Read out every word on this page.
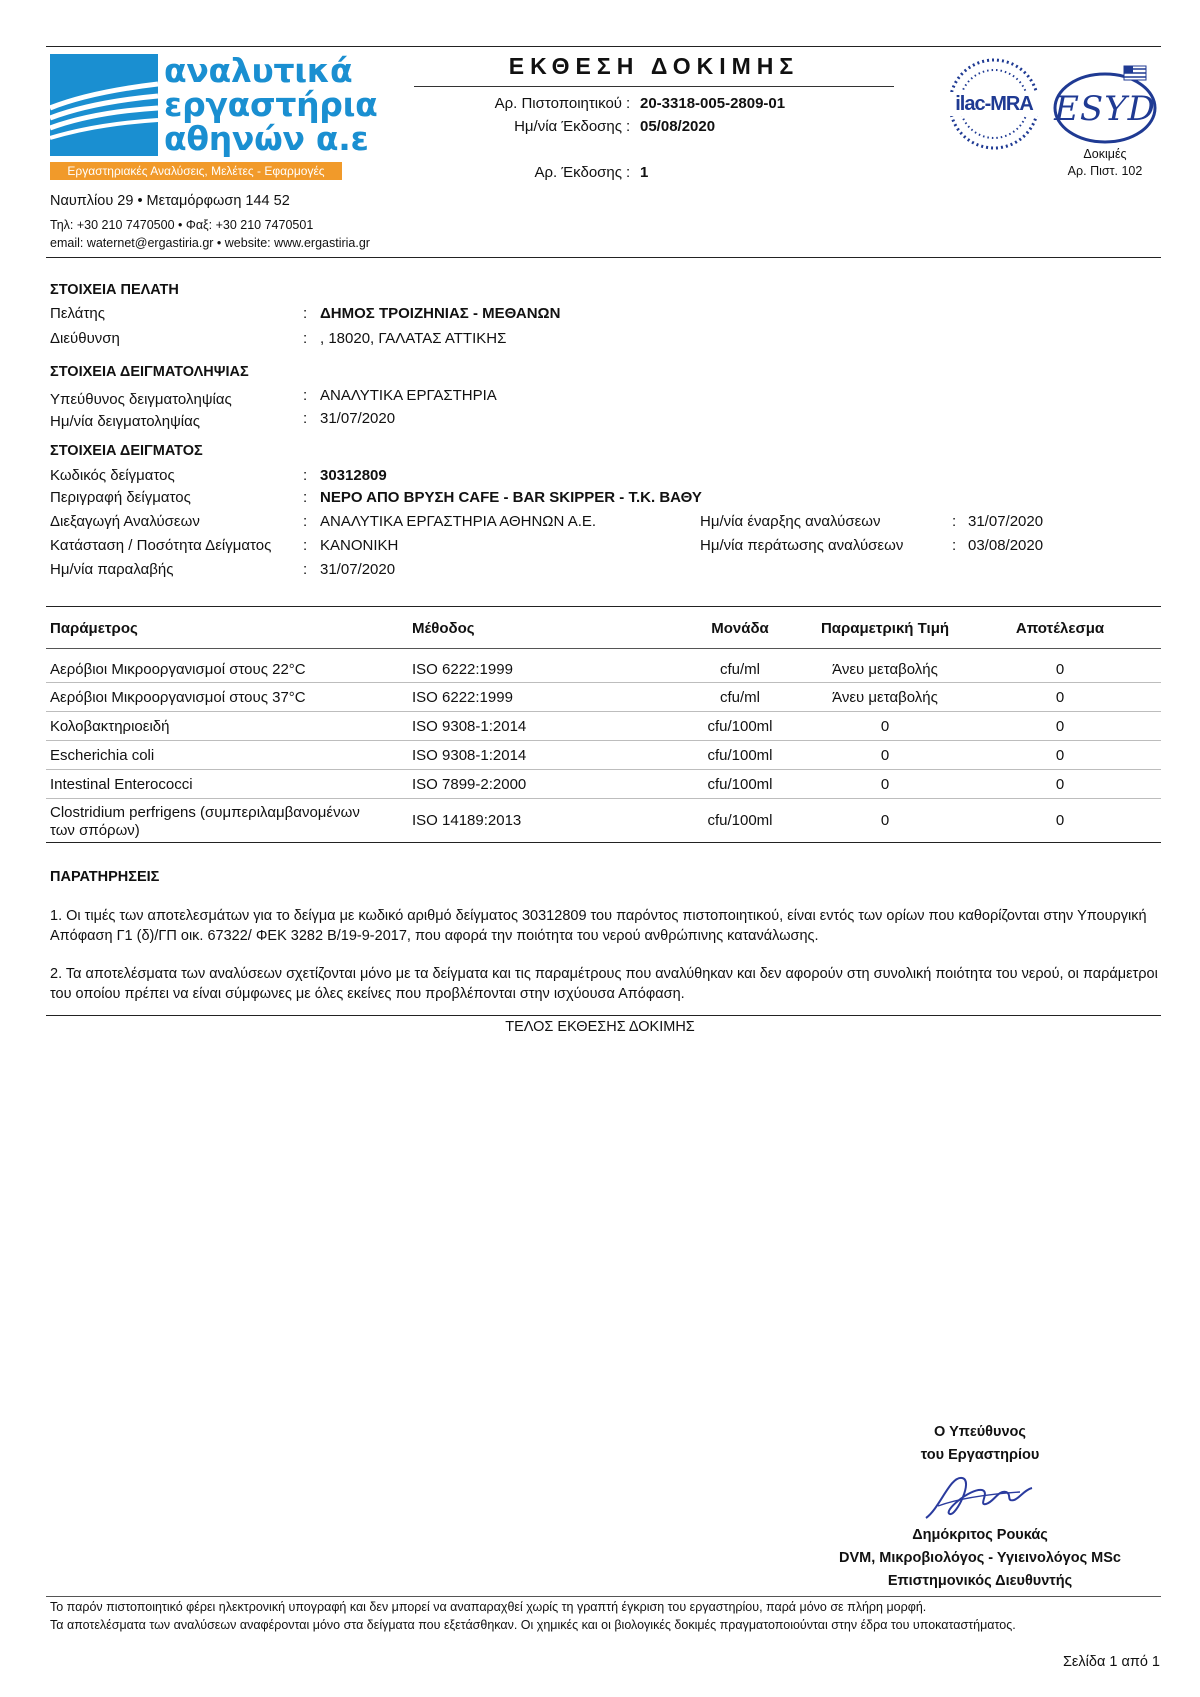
αναλυτικά
εργαστήρια
αθηνών α.ε
Εργαστηριακές Αναλύσεις, Μελέτες - Εφαρμογές
Ναυπλίου 29 • Μεταμόρφωση 144 52
Τηλ: +30 210 7470500 • Φαξ: +30 210 7470501
email: waternet@ergastiria.gr • website: www.ergastiria.gr
ΕΚΘΕΣΗ ΔΟΚΙΜΗΣ
Αρ. Πιστοποιητικού : 20-3318-005-2809-01
Ημ/νία Έκδοσης : 05/08/2020
Αρ. Έκδοσης : 1
ilac-MRA ESYD
Δοκιμές
Αρ. Πιστ. 102
ΣΤΟΙΧΕΙΑ ΠΕΛΑΤΗ
Πελάτης	: ΔΗΜΟΣ ΤΡΟΙΖΗΝΙΑΣ - ΜΕΘΑΝΩΝ
Διεύθυνση	: , 18020, ΓΑΛΑΤΑΣ ΑΤΤΙΚΗΣ
ΣΤΟΙΧΕΙΑ ΔΕΙΓΜΑΤΟΛΗΨΙΑΣ
Υπεύθυνος δειγματοληψίας	: ΑΝΑΛΥΤΙΚΑ ΕΡΓΑΣΤΗΡΙΑ
Ημ/νία δειγματοληψίας	: 31/07/2020
ΣΤΟΙΧΕΙΑ ΔΕΙΓΜΑΤΟΣ
Κωδικός δείγματος	: 30312809
Περιγραφή δείγματος	: ΝΕΡΟ ΑΠΟ ΒΡΥΣΗ CAFE - BAR SKIPPER - Τ.Κ. ΒΑΘΥ
Διεξαγωγή Αναλύσεων	: ΑΝΑΛΥΤΙΚΑ ΕΡΓΑΣΤΗΡΙΑ ΑΘΗΝΩΝ Α.Ε.
Κατάσταση / Ποσότητα Δείγματος : ΚΑΝΟΝΙΚΗ
Ημ/νία παραλαβής	: 31/07/2020
Ημ/νία έναρξης αναλύσεων	: 31/07/2020
Ημ/νία περάτωσης αναλύσεων	: 03/08/2020
Παράμετρος	Μέθοδος	Μονάδα	Παραμετρική Τιμή	Αποτέλεσμα
Αερόβιοι Μικροοργανισμοί στους 22°C	ISO 6222:1999	cfu/ml	Άνευ μεταβολής	0
Αερόβιοι Μικροοργανισμοί στους 37°C	ISO 6222:1999	cfu/ml	Άνευ μεταβολής	0
Κολοβακτηριοειδή	ISO 9308-1:2014	cfu/100ml	0	0
Escherichia coli	ISO 9308-1:2014	cfu/100ml	0	0
Intestinal Enterococci	ISO 7899-2:2000	cfu/100ml	0	0
Clostridium perfrigens (συμπεριλαμβανομένων
των σπόρων)
ISO 14189:2013	cfu/100ml	0	0
ΠΑΡΑΤΗΡΗΣΕΙΣ
1. Οι τιμές των αποτελεσμάτων για το δείγμα με κωδικό αριθμό δείγματος 30312809 του παρόντος πιστοποιητικού, είναι εντός των ορίων που καθορίζονται στην Υπουργική Απόφαση Γ1 (δ)/ΓΠ οικ. 67322/ ΦΕΚ 3282 Β/19-9-2017, που αφορά την ποιότητα του νερού ανθρώπινης κατανάλωσης.
2. Τα αποτελέσματα των αναλύσεων σχετίζονται μόνο με τα δείγματα και τις παραμέτρους που αναλύθηκαν και δεν αφορούν στη συνολική ποιότητα του νερού, οι παράμετροι του οποίου πρέπει να είναι σύμφωνες με όλες εκείνες που προβλέπονται στην ισχύουσα Απόφαση.
ΤΕΛΟΣ ΕΚΘΕΣΗΣ ΔΟΚΙΜΗΣ
Ο Υπεύθυνος
του Εργαστηρίου
Δημόκριτος Ρουκάς
DVM, Μικροβιολόγος - Υγιεινολόγος MSc
Επιστημονικός Διευθυντής
Το παρόν πιστοποιητικό φέρει ηλεκτρονική υπογραφή και δεν μπορεί να αναπαραχθεί χωρίς τη γραπτή έγκριση του εργαστηρίου, παρά μόνο σε πλήρη μορφή.
Τα αποτελέσματα των αναλύσεων αναφέρονται μόνο στα δείγματα που εξετάσθηκαν. Οι χημικές και οι βιολογικές δοκιμές πραγματοποιούνται στην έδρα του υποκαταστήματος.
Σελίδα 1 από 1
